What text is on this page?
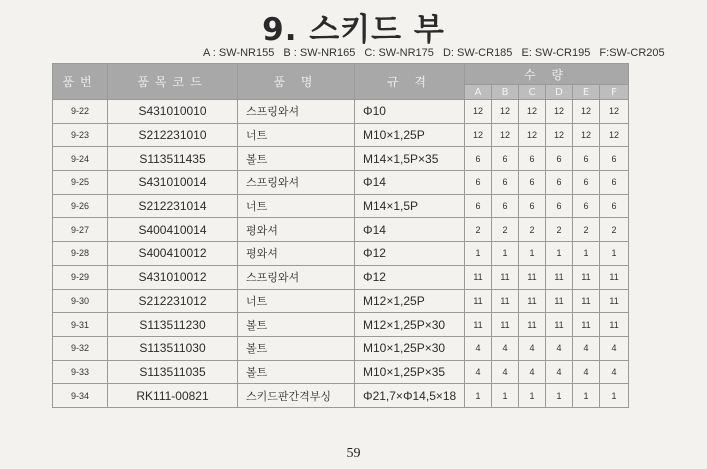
9. 스키드 부
A : SW-NR155 B : SW-NR165 C: SW-NR175 D: SW-CR185 E: SW-CR195 F:SW-CR205
품번	품목코드	품 명	규 격	수 량					
				A	B	C	D	E	F
9-22	S431010010	스프링와셔	Φ10	12	12	12	12	12	12
9-23	S212231010	너트	M10×1,25P	12	12	12	12	12	12
9-24	S113511435	볼트	M14×1,5P×35	6	6	6	6	6	6
9-25	S431010014	스프링와셔	Φ14	6	6	6	6	6	6
9-26	S212231014	너트	M14×1,5P	6	6	6	6	6	6
9-27	S400410014	평와셔	Φ14	2	2	2	2	2	2
9-28	S400410012	평와셔	Φ12	1	1	1	1	1	1
9-29	S431010012	스프링와셔	Φ12	11	11	11	11	11	11
9-30	S212231012	너트	M12×1,25P	11	11	11	11	11	11
9-31	S113511230	볼트	M12×1,25P×30	11	11	11	11	11	11
9-32	S113511030	볼트	M10×1,25P×30	4	4	4	4	4	4
9-33	S113511035	볼트	M10×1,25P×35	4	4	4	4	4	4
9-34	RK111-00821	스키드판간격부싱	Φ21,7×Φ14,5×18	1	1	1	1	1	1
59
